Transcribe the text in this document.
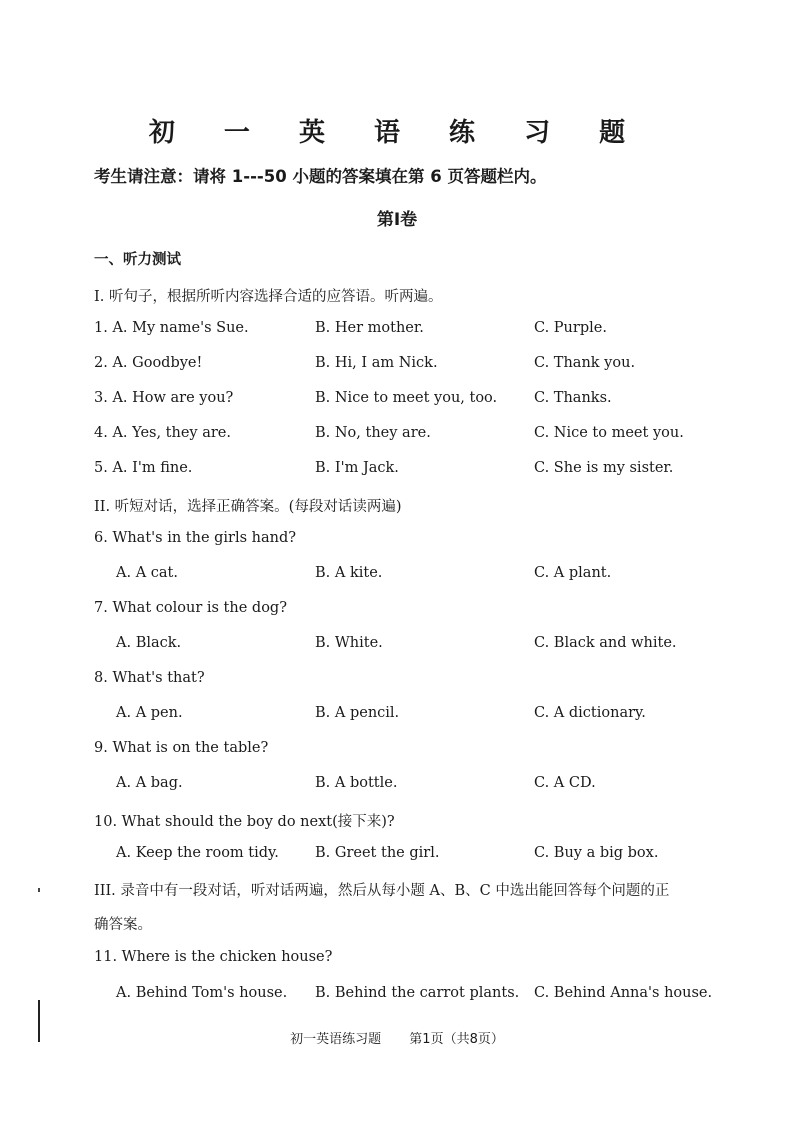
初 一 英 语 练 习 题
考生请注意：请将 1---50 小题的答案填在第 6 页答题栏内。
第Ⅰ卷
一、听力测试
I. 听句子，根据所听内容选择合适的应答语。听两遍。
1. A. My name's Sue.	B. Her mother.	C. Purple.
2. A. Goodbye!	B. Hi, I am Nick.	C. Thank you.
3. A. How are you?	B. Nice to meet you, too.	C. Thanks.
4. A. Yes, they are.	B. No, they are.	C. Nice to meet you.
5. A. I'm fine.	B. I'm Jack.	C. She is my sister.
II. 听短对话，选择正确答案。(每段对话读两遍)
6. What's in the girls hand?
A. A cat.	B. A kite.	C. A plant.
7. What colour is the dog?
A. Black.	B. White.	C. Black and white.
8. What's that?
A. A pen.	B. A pencil.	C. A dictionary.
9. What is on the table?
A. A bag.	B. A bottle.	C. A CD.
10. What should the boy do next(接下来)?
A. Keep the room tidy. B. Greet the girl.	C. Buy a big box.
III. 录音中有一段对话，听对话两遍，然后从每小题 A、B、C 中选出能回答每个问题的正
确答案。
11. Where is the chicken house?
A. Behind Tom's house. B. Behind the carrot plants. C. Behind Anna's house.
初一英语练习题 第1页（共8页）
